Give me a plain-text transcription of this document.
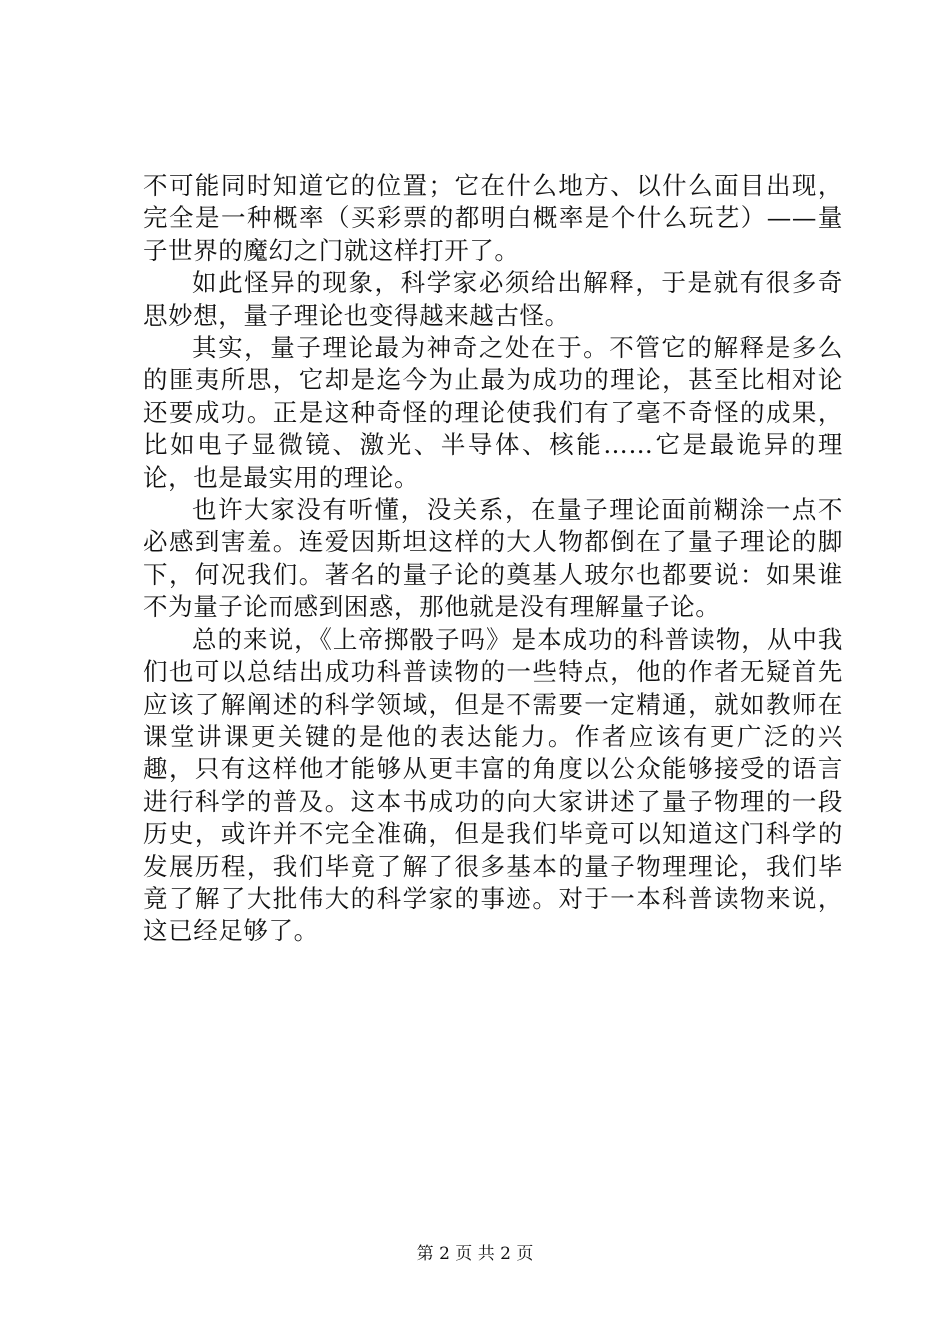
不可能同时知道它的位置；它在什么地方、以什么面目出现，完全是一种概率（买彩票的都明白概率是个什么玩艺）——量子世界的魔幻之门就这样打开了。

如此怪异的现象，科学家必须给出解释，于是就有很多奇思妙想，量子理论也变得越来越古怪。

其实，量子理论最为神奇之处在于。不管它的解释是多么的匪夷所思，它却是迄今为止最为成功的理论，甚至比相对论还要成功。正是这种奇怪的理论使我们有了毫不奇怪的成果，比如电子显微镜、激光、半导体、核能……它是最诡异的理论，也是最实用的理论。

也许大家没有听懂，没关系，在量子理论面前糊涂一点不必感到害羞。连爱因斯坦这样的大人物都倒在了量子理论的脚下，何况我们。著名的量子论的奠基人玻尔也都要说：如果谁不为量子论而感到困惑，那他就是没有理解量子论。

总的来说，《上帝掷骰子吗》是本成功的科普读物，从中我们也可以总结出成功科普读物的一些特点，他的作者无疑首先应该了解阐述的科学领域，但是不需要一定精通，就如教师在课堂讲课更关键的是他的表达能力。作者应该有更广泛的兴趣，只有这样他才能够从更丰富的角度以公众能够接受的语言进行科学的普及。这本书成功的向大家讲述了量子物理的一段历史，或许并不完全准确，但是我们毕竟可以知道这门科学的发展历程，我们毕竟了解了很多基本的量子物理理论，我们毕竟了解了大批伟大的科学家的事迹。对于一本科普读物来说，这已经足够了。

第 2 页 共 2 页
